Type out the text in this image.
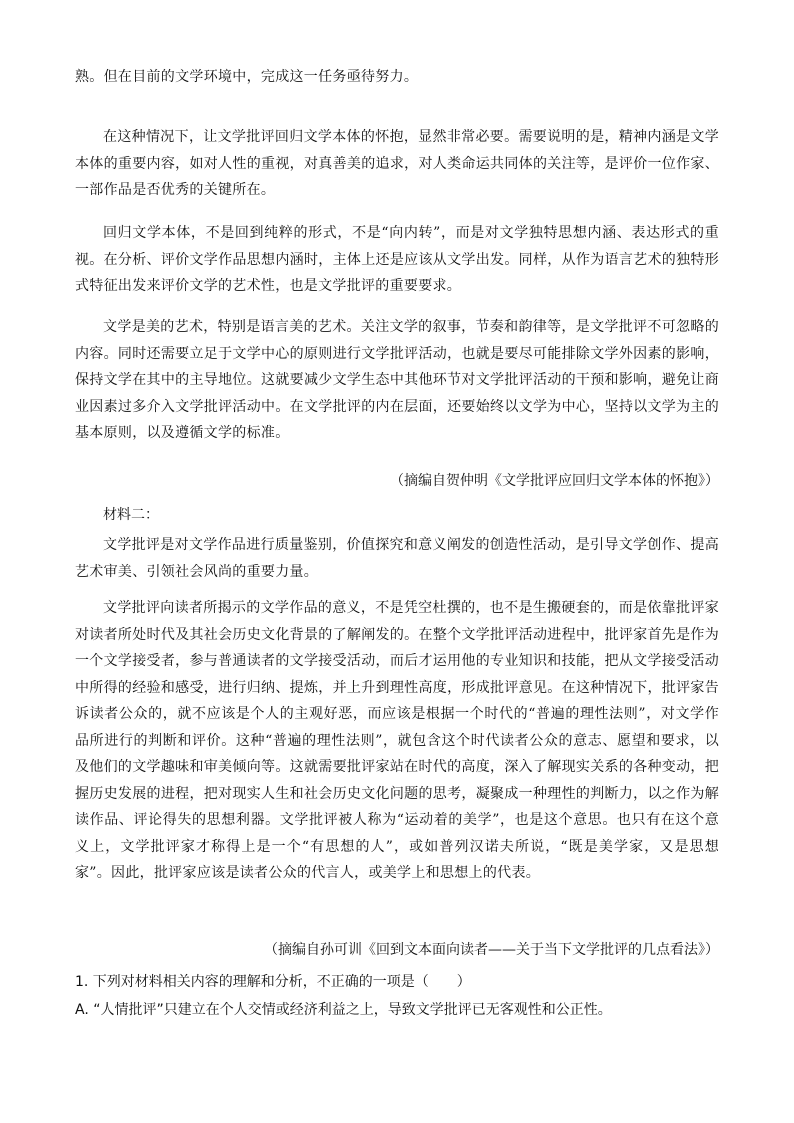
熟。但在目前的文学环境中，完成这一任务亟待努力。

在这种情况下，让文学批评回归文学本体的怀抱，显然非常必要。需要说明的是，精神内涵是文学本体的重要内容，如对人性的重视，对真善美的追求，对人类命运共同体的关注等，是评价一位作家、一部作品是否优秀的关键所在。

回归文学本体，不是回到纯粹的形式，不是“向内转”，而是对文学独特思想内涵、表达形式的重视。在分析、评价文学作品思想内涵时，主体上还是应该从文学出发。同样，从作为语言艺术的独特形式特征出发来评价文学的艺术性，也是文学批评的重要要求。

文学是美的艺术，特别是语言美的艺术。关注文学的叙事，节奏和韵律等，是文学批评不可忽略的内容。同时还需要立足于文学中心的原则进行文学批评活动，也就是要尽可能排除文学外因素的影响，保持文学在其中的主导地位。这就要减少文学生态中其他环节对文学批评活动的干预和影响，避免让商业因素过多介入文学批评活动中。在文学批评的内在层面，还要始终以文学为中心，坚持以文学为主的基本原则，以及遵循文学的标准。

（摘编自贺仲明《文学批评应回归文学本体的怀抱》）

材料二：

文学批评是对文学作品进行质量鉴别，价值探究和意义阐发的创造性活动，是引导文学创作、提高艺术审美、引领社会风尚的重要力量。

文学批评向读者所揭示的文学作品的意义，不是凭空杜撰的，也不是生搬硬套的，而是依靠批评家对读者所处时代及其社会历史文化背景的了解阐发的。在整个文学批评活动进程中，批评家首先是作为一个文学接受者，参与普通读者的文学接受活动，而后才运用他的专业知识和技能，把从文学接受活动中所得的经验和感受，进行归纳、提炼，并上升到理性高度，形成批评意见。在这种情况下，批评家告诉读者公众的，就不应该是个人的主观好恶，而应该是根据一个时代的“普遍的理性法则”，对文学作品所进行的判断和评价。这种“普遍的理性法则”，就包含这个时代读者公众的意志、愿望和要求，以及他们的文学趣味和审美倾向等。这就需要批评家站在时代的高度，深入了解现实关系的各种变动，把握历史发展的进程，把对现实人生和社会历史文化问题的思考，凝聚成一种理性的判断力，以之作为解读作品、评论得失的思想利器。文学批评被人称为“运动着的美学”，也是这个意思。也只有在这个意义上，文学批评家才称得上是一个“有思想的人”，或如普列汉诺夫所说，“既是美学家，又是思想家”。因此，批评家应该是读者公众的代言人，或美学上和思想上的代表。

（摘编自孙可训《回到文本面向读者——关于当下文学批评的几点看法》）

1. 下列对材料相关内容的理解和分析，不正确的一项是（　　）

A. “人情批评”只建立在个人交情或经济利益之上，导致文学批评已无客观性和公正性。
